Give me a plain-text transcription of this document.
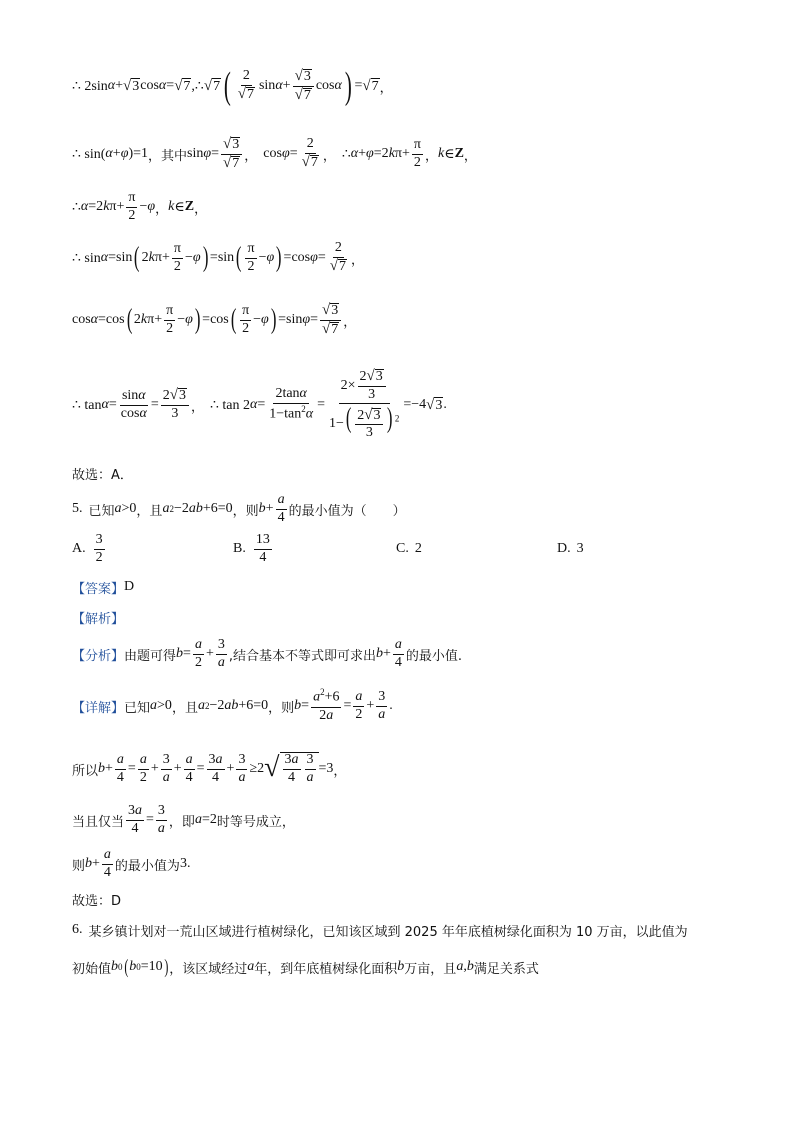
∴ 2sin α + √ 3 cos α = √ 7 ,∴ √ 7 ( $\frac{2}{√ 7}$ $\sin \alpha + \frac{√ 3}{√ 7}$ cos α ) = √ 7 ，
∴ sin( α + φ )=1 ，其中 $\sin \varphi = \frac{√ 3}{√ 7}$ ， $\cos \varphi = \frac{2}{√ 7}$ ， ∴ α + φ =2 k $\pi+ \frac{\pi}{2}$ ， k ∈ Z ，
∴ α =2 k $\pi+ \frac{\pi}{2} - \varphi$ ， k ∈ Z ，
∴ sin α =sin ( 2 k $\pi+ \frac{\pi}{2} - \varphi$ ) =sin ( $\frac{\pi}{2} - \varphi$ ) =cos $\varphi = \frac{2}{√ 7}$ ，
cos α =cos ( 2 k $\pi+ \frac{\pi}{2} - \varphi$ ) =cos ( $\frac{\pi}{2} - \varphi$ ) =sin $\varphi = \frac{√ 3}{√ 7}$ ，
∴ $\tan \alpha = \frac{\sin\alpha}{\cos\alpha} = \frac{2 √ 3}{3}$ ， ∴ tan 2 $\alpha = \frac{2\tan\alpha}{1-\tan^2\alpha} = \frac{2\times \frac{2 √ 3}{3}}{1-( \frac{2 √ 3}{3} ) ^2} =-4$ √ 3 .
故选：A．
5. 已知 a >0 ，且 a 2 −2 ab +6=0 ，则 $b + \frac{a}{4}$ 的最小值为（　　）
A. $\frac{3}{2}$	B. $\frac{13}{4}$	C. 2	D. 3
【答案】 D
【解析】
【分析】 由题可得 $b = \frac{a}{2} + \frac{3}{a}$ ,结合基本不等式即可求出 $b + \frac{a}{4}$ 的最小值.
【详解】 已知 a >0 ，且 a 2 −2 ab +6=0 ，则 $b = \frac{a^2+6}{2a} = \frac{a}{2} + \frac{3}{a}$ .
所以 $b + \frac{a}{4} = \frac{a}{2} + \frac{3}{a} + \frac{a}{4} = \frac{3a}{4} + \frac{3}{a} \ge 2$ √ $\frac{3a}{4} \frac{3}{a} =3$ ，
当且仅当 $\frac{3a}{4} = \frac{3}{a}$ ，即 a =2 时等号成立，
则 $b + \frac{a}{4}$ 的最小值为 3 .
故选：D
6. 某乡镇计划对一荒山区域进行植树绿化，已知该区域到 2025 年年底植树绿化面积为 10 万亩，以此值为
初始值 b 0 ( b 0 =10 ) ，该区域经过 a 年，到年底植树绿化面积 b 万亩，且 a , b 满足关系式
